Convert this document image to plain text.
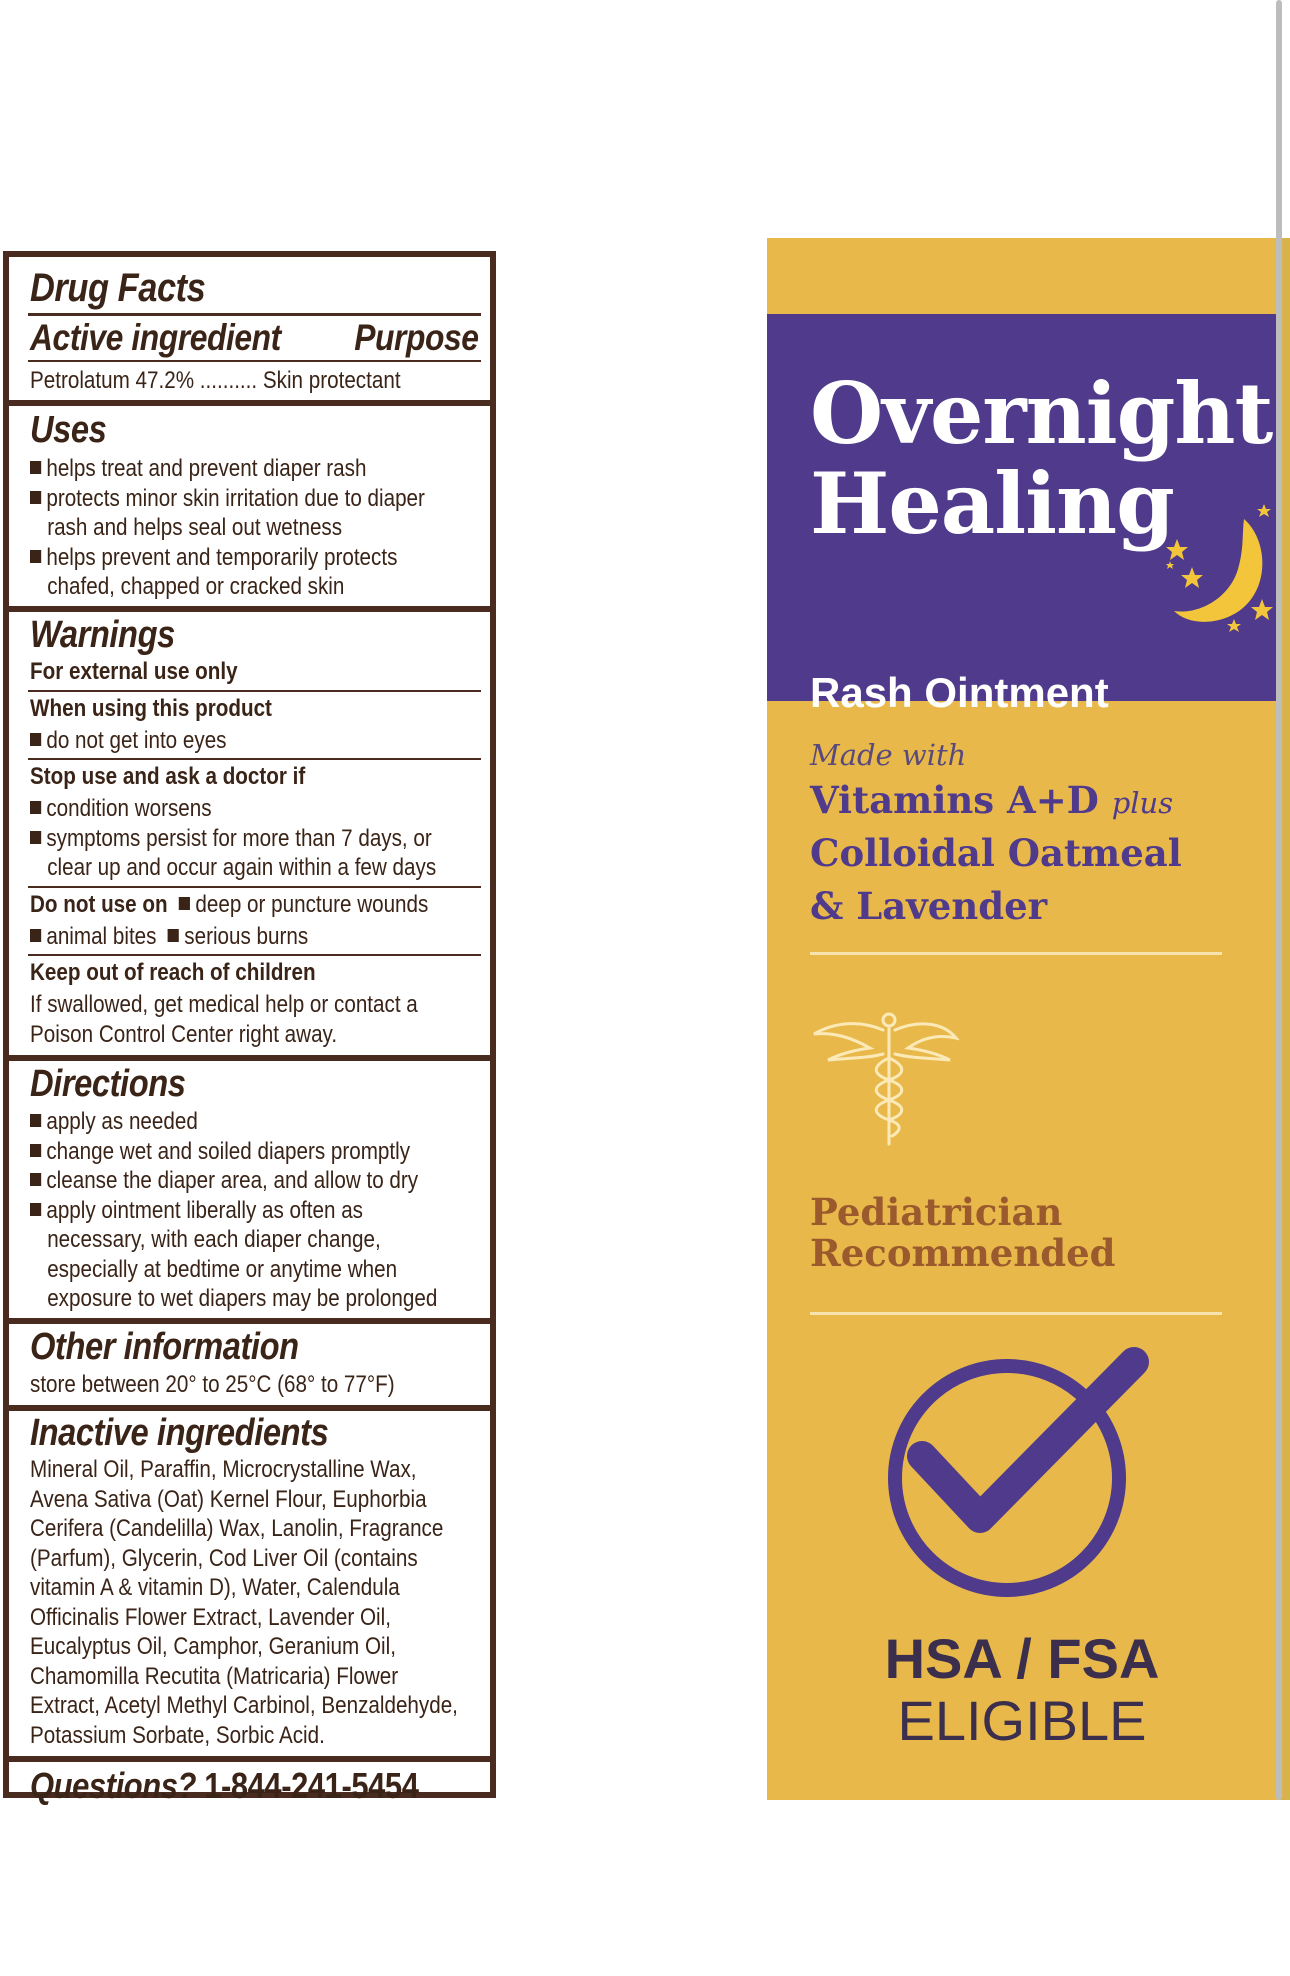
Drug Facts
Active ingredient Purpose
Petrolatum 47.2% .......... Skin protectant
Uses
helps treat and prevent diaper rash
protects minor skin irritation due to diaper
rash and helps seal out wetness
helps prevent and temporarily protects
chafed, chapped or cracked skin
Warnings
For external use only
When using this product
do not get into eyes
Stop use and ask a doctor if
condition worsens
symptoms persist for more than 7 days, or
clear up and occur again within a few days
Do not use on deep or puncture wounds
animal bites serious burns
Keep out of reach of children
If swallowed, get medical help or contact a
Poison Control Center right away.
Directions
apply as needed
change wet and soiled diapers promptly
cleanse the diaper area, and allow to dry
apply ointment liberally as often as
necessary, with each diaper change,
especially at bedtime or anytime when
exposure to wet diapers may be prolonged
Other information
store between 20° to 25°C (68° to 77°F)
Inactive ingredients
Mineral Oil, Paraffin, Microcrystalline Wax,
Avena Sativa (Oat) Kernel Flour, Euphorbia
Cerifera (Candelilla) Wax, Lanolin, Fragrance
(Parfum), Glycerin, Cod Liver Oil (contains
vitamin A & vitamin D), Water, Calendula
Officinalis Flower Extract, Lavender Oil,
Eucalyptus Oil, Camphor, Geranium Oil,
Chamomilla Recutita (Matricaria) Flower
Extract, Acetyl Methyl Carbinol, Benzaldehyde,
Potassium Sorbate, Sorbic Acid.
Questions? 1-844-241-5454
Overnight
Healing
Rash Ointment
Made with
Vitamins A+D plus
Colloidal Oatmeal
& Lavender
Pediatrician
Recommended
HSA / FSA
ELIGIBLE
